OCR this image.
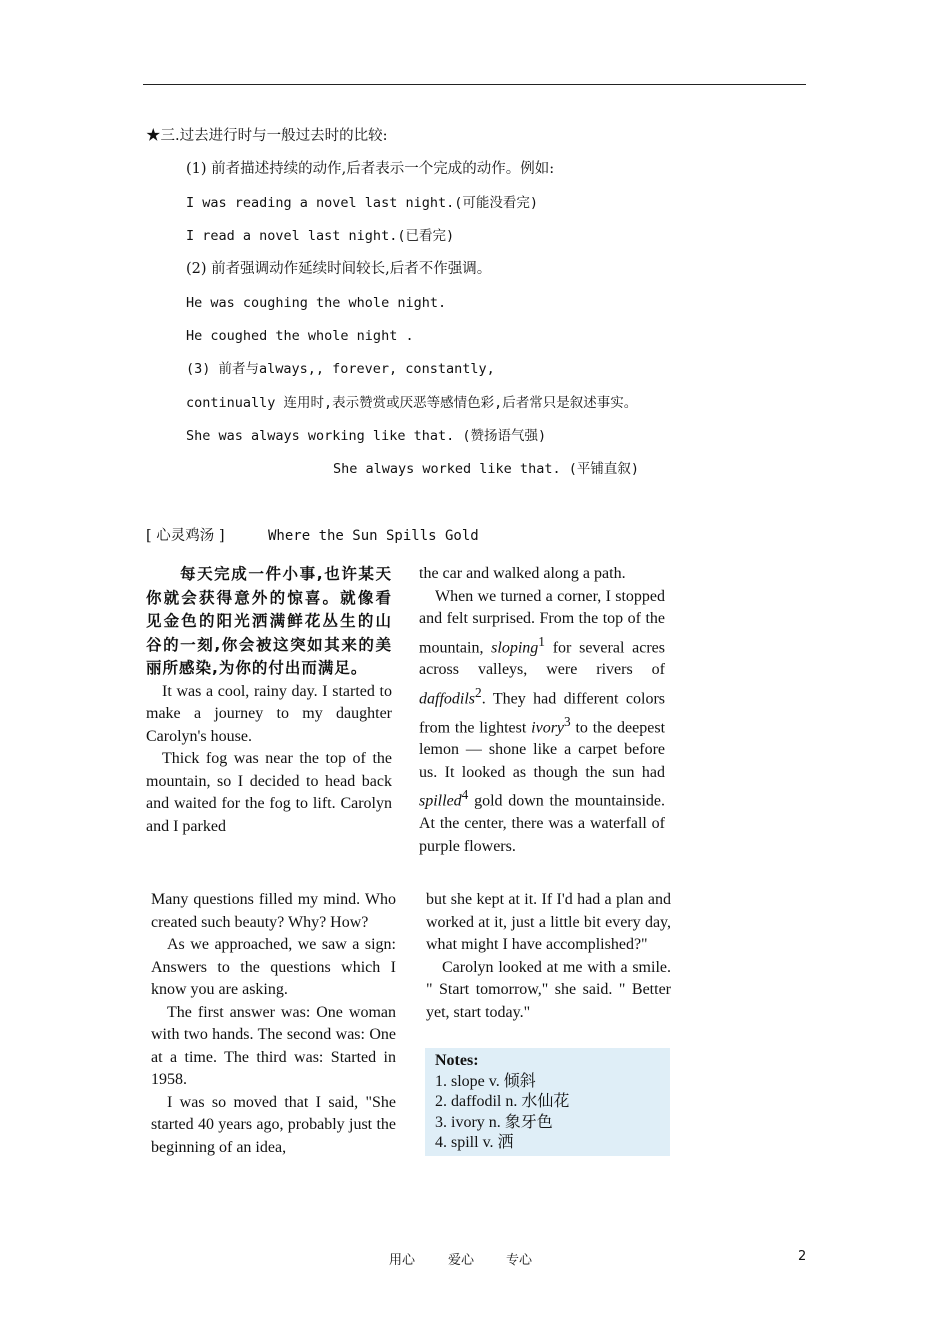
★三.过去进行时与一般过去时的比较:
(1) 前者描述持续的动作,后者表示一个完成的动作。例如:
I was reading a novel last night.(可能没看完)
I read a novel last night.(已看完)
(2) 前者强调动作延续时间较长,后者不作强调。
He was coughing the whole night.
He coughed the whole night .
(3) 前者与always,, forever, constantly,
continually 连用时,表示赞赏或厌恶等感情色彩,后者常只是叙述事实。
She was always working like that. (赞扬语气强)
She always worked like that. (平铺直叙)
[ 心灵鸡汤 ]	Where the Sun Spills Gold

每天完成一件小事,也许某天你就会获得意外的惊喜。就像看见金色的阳光洒满鲜花丛生的山谷的一刻,你会被这突如其来的美丽所感染,为你的付出而满足。

It was a cool, rainy day. I started to make a journey to my daughter Carolyn's house.

Thick fog was near the top of the mountain, so I decided to head back and waited for the fog to lift. Carolyn and I parked

the car and walked along a path.

When we turned a corner, I stopped and felt surprised. From the top of the mountain, sloping$^1$ for several acres across valleys, were rivers of daffodils$^2$. They had different colors from the lightest ivory$^3$ to the deepest lemon — shone like a carpet before us. It looked as though the sun had spilled$^4$ gold down the mountainside. At the center, there was a waterfall of purple flowers.

Many questions filled my mind. Who created such beauty? Why? How?

As we approached, we saw a sign: Answers to the questions which I know you are asking.

The first answer was: One woman with two hands. The second was: One at a time. The third was: Started in 1958.

I was so moved that I said, "She started 40 years ago, probably just the beginning of an idea,

but she kept at it. If I'd had a plan and worked at it, just a little bit every day, what might I have accomplished?"

Carolyn looked at me with a smile. " Start tomorrow," she said. " Better yet, start today."

Notes:
1. slope v. 倾斜
2. daffodil n. 水仙花
3. ivory n. 象牙色
4. spill v. 洒
用心	爱心 专心	2
